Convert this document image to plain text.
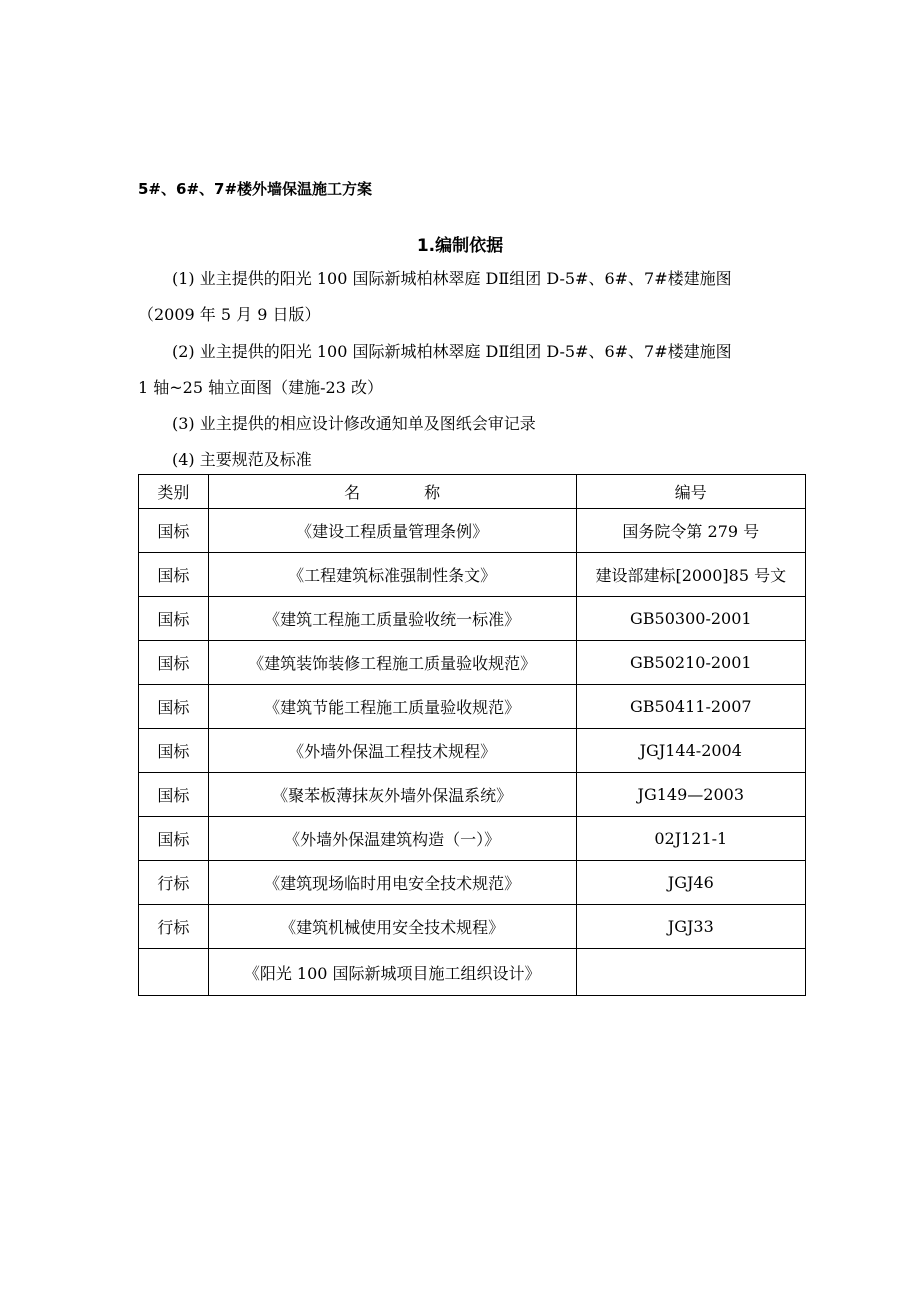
5#、6#、7#楼外墙保温施工方案
1.编制依据

(1) 业主提供的阳光 100 国际新城柏林翠庭 DⅡ组团 D-5#、6#、7#楼建施图

（2009 年 5 月 9 日版）

(2) 业主提供的阳光 100 国际新城柏林翠庭 DⅡ组团 D-5#、6#、7#楼建施图

1 轴~25 轴立面图（建施-23 改）

(3) 业主提供的相应设计修改通知单及图纸会审记录

(4) 主要规范及标准

类别	名 称	编号
国标	《建设工程质量管理条例》	国务院令第 279 号
国标	《工程建筑标准强制性条文》	建设部建标[2000]85 号文
国标	《建筑工程施工质量验收统一标准》	GB50300-2001
国标	《建筑装饰装修工程施工质量验收规范》	GB50210-2001
国标	《建筑节能工程施工质量验收规范》	GB50411-2007
国标	《外墙外保温工程技术规程》	JGJ144-2004
国标	《聚苯板薄抹灰外墙外保温系统》	JG149—2003
国标	《外墙外保温建筑构造（一）》	02J121-1
行标	《建筑现场临时用电安全技术规范》	JGJ46
行标	《建筑机械使用安全技术规程》	JGJ33
	《阳光 100 国际新城项目施工组织设计》	
